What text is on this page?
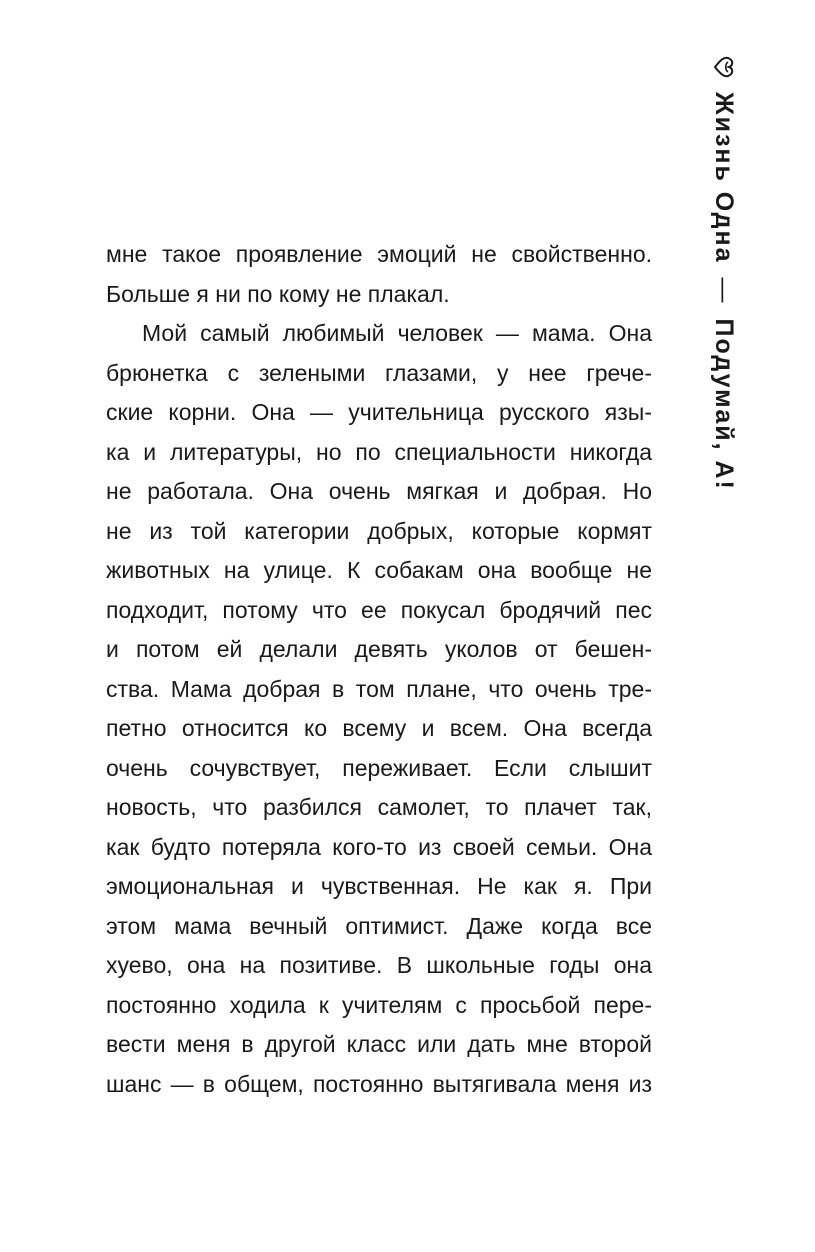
Жизнь Одна
—
Подумай, А!
мне такое проявление эмоций не свойственно.
Больше я ни по кому не плакал.
Мой самый любимый человек — мама. Она
брюнетка с зелеными глазами, у нее грече-
ские корни. Она — учительница русского язы-
ка и литературы, но по специальности никогда
не работала. Она очень мягкая и добрая. Но
не из той категории добрых, которые кормят
животных на улице. К собакам она вообще не
подходит, потому что ее покусал бродячий пес
и потом ей делали девять уколов от бешен-
ства. Мама добрая в том плане, что очень тре-
петно относится ко всему и всем. Она всегда
очень сочувствует, переживает. Если слышит
новость, что разбился самолет, то плачет так,
как будто потеряла кого-то из своей семьи. Она
эмоциональная и чувственная. Не как я. При
этом мама вечный оптимист. Даже когда все
хуево, она на позитиве. В школьные годы она
постоянно ходила к учителям с просьбой пере-
вести меня в другой класс или дать мне второй
шанс — в общем, постоянно вытягивала меня из
